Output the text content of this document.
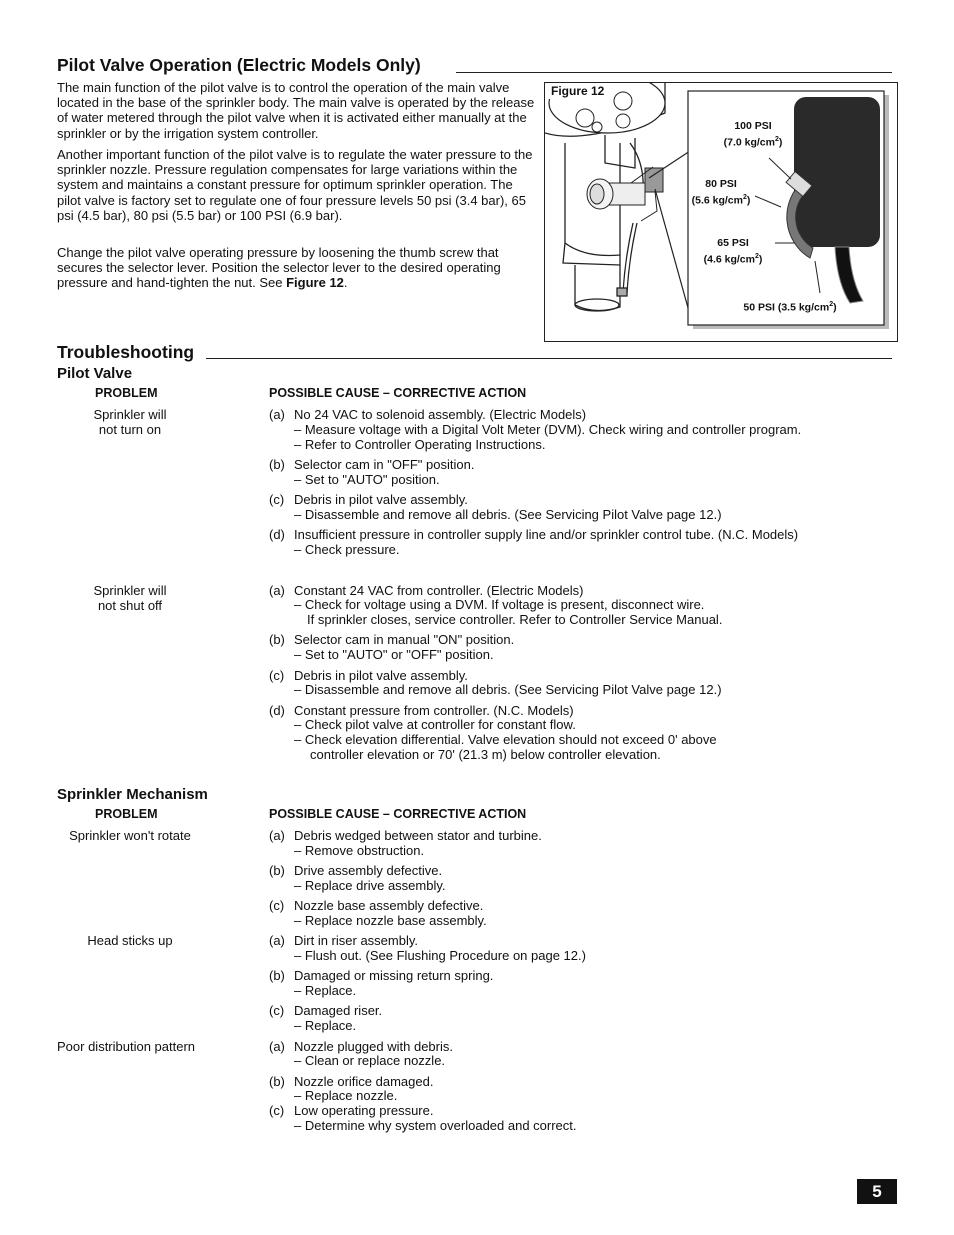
Pilot Valve Operation (Electric Models Only)
The main function of the pilot valve is to control the operation of the main valve located in the base of the sprinkler body. The main valve is operated by the release of water metered through the pilot valve when it is activated either manually at the sprinkler or by the irrigation system controller.
Another important function of the pilot valve is to regulate the water pressure to the sprinkler nozzle. Pressure regulation compensates for large variations within the system and maintains a constant pressure for optimum sprinkler operation. The pilot valve is factory set to regulate one of four pressure levels 50 psi (3.4 bar), 65 psi (4.5 bar), 80 psi (5.5 bar) or 100 PSI (6.9 bar).
Change the pilot valve operating pressure by loosening the thumb screw that secures the selector lever. Position the selector lever to the desired operating pressure and hand-tighten the nut. See Figure 12.
Figure 12
100 PSI
(7.0 $kg/cm^2$)
80 PSI
(5.6 $kg/cm^2$)
65 PSI
(4.6 $kg/cm^2$)
50 PSI (3.5 $kg/cm^2$)
Troubleshooting
Pilot Valve
PROBLEM	POSSIBLE CAUSE – CORRECTIVE ACTION
Sprinkler will
not turn on
(a) No 24 VAC to solenoid assembly. (Electric Models)
– Measure voltage with a Digital Volt Meter (DVM). Check wiring and controller program.
– Refer to Controller Operating Instructions.
(b) Selector cam in "OFF" position.
– Set to "AUTO" position.
(c) Debris in pilot valve assembly.
– Disassemble and remove all debris. (See Servicing Pilot Valve page 12.)
(d) Insufficient pressure in controller supply line and/or sprinkler control tube. (N.C. Models)
– Check pressure.
Sprinkler will
not shut off
(a) Constant 24 VAC from controller. (Electric Models)
– Check for voltage using a DVM. If voltage is present, disconnect wire.
If sprinkler closes, service controller. Refer to Controller Service Manual.
(b) Selector cam in manual "ON" position.
– Set to "AUTO" or "OFF" position.
(c) Debris in pilot valve assembly.
– Disassemble and remove all debris. (See Servicing Pilot Valve page 12.)
(d) Constant pressure from controller. (N.C. Models)
– Check pilot valve at controller for constant flow.
– Check elevation differential. Valve elevation should not exceed 0' above
controller elevation or 70' (21.3 m) below controller elevation.
Sprinkler Mechanism
PROBLEM	POSSIBLE CAUSE – CORRECTIVE ACTION
Sprinkler won't rotate	(a) Debris wedged between stator and turbine.
– Remove obstruction.
(b) Drive assembly defective.
– Replace drive assembly.
(c) Nozzle base assembly defective.
– Replace nozzle base assembly.
Head sticks up	(a) Dirt in riser assembly.
– Flush out. (See Flushing Procedure on page 12.)
(b) Damaged or missing return spring.
– Replace.
(c) Damaged riser.
– Replace.
Poor distribution pattern	(a) Nozzle plugged with debris.
– Clean or replace nozzle.
(b) Nozzle orifice damaged.
– Replace nozzle.
(c) Low operating pressure.
– Determine why system overloaded and correct.
5
